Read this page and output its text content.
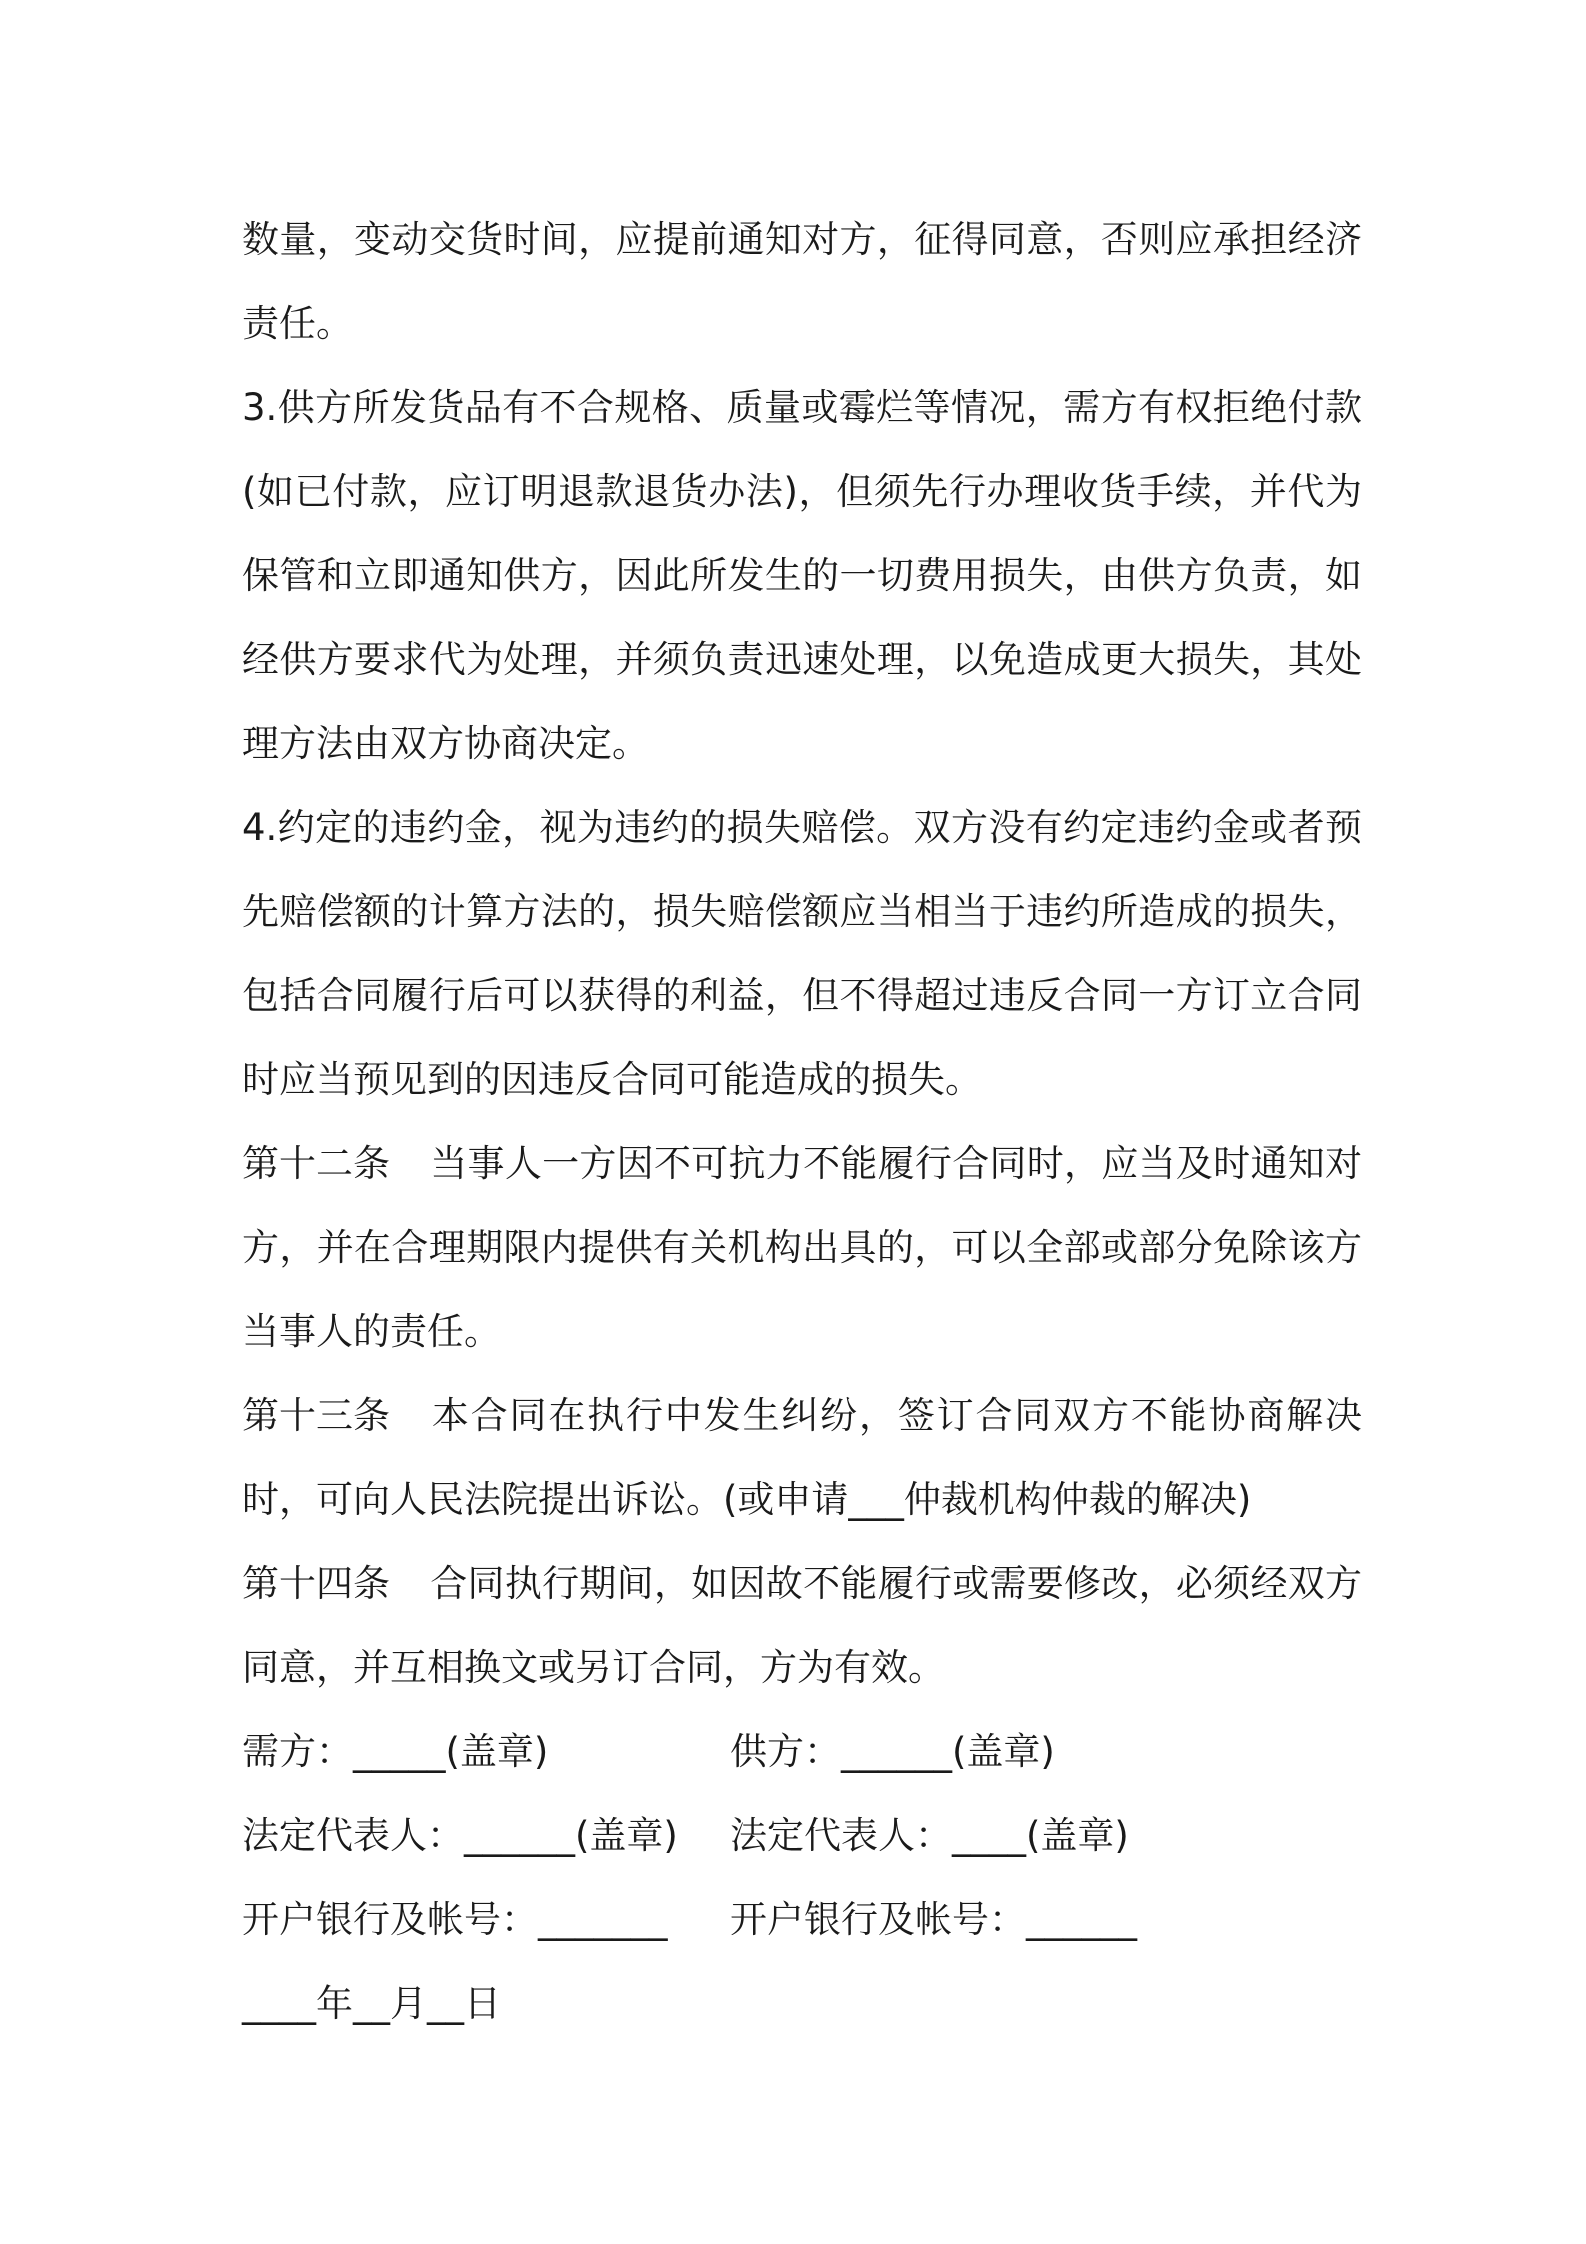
数量，变动交货时间，应提前通知对方，征得同意，否则应承担经济责任。

3.供方所发货品有不合规格、质量或霉烂等情况，需方有权拒绝付款(如已付款，应订明退款退货办法)，但须先行办理收货手续，并代为保管和立即通知供方，因此所发生的一切费用损失，由供方负责，如经供方要求代为处理，并须负责迅速处理，以免造成更大损失，其处理方法由双方协商决定。

4.约定的违约金，视为违约的损失赔偿。双方没有约定违约金或者预先赔偿额的计算方法的，损失赔偿额应当相当于违约所造成的损失，包括合同履行后可以获得的利益，但不得超过违反合同一方订立合同时应当预见到的因违反合同可能造成的损失。

第十二条 当事人一方因不可抗力不能履行合同时，应当及时通知对方，并在合理期限内提供有关机构出具的，可以全部或部分免除该方当事人的责任。

第十三条 本合同在执行中发生纠纷，签订合同双方不能协商解决时，可向人民法院提出诉讼。(或申请___仲裁机构仲裁的解决)

第十四条 合同执行期间，如因故不能履行或需要修改，必须经双方同意，并互相换文或另订合同，方为有效。

需方：_____(盖章)	供方：______(盖章)
法定代表人：______(盖章)	法定代表人：____(盖章)
开户银行及帐号：_______	开户银行及帐号：______

____年__月__日
